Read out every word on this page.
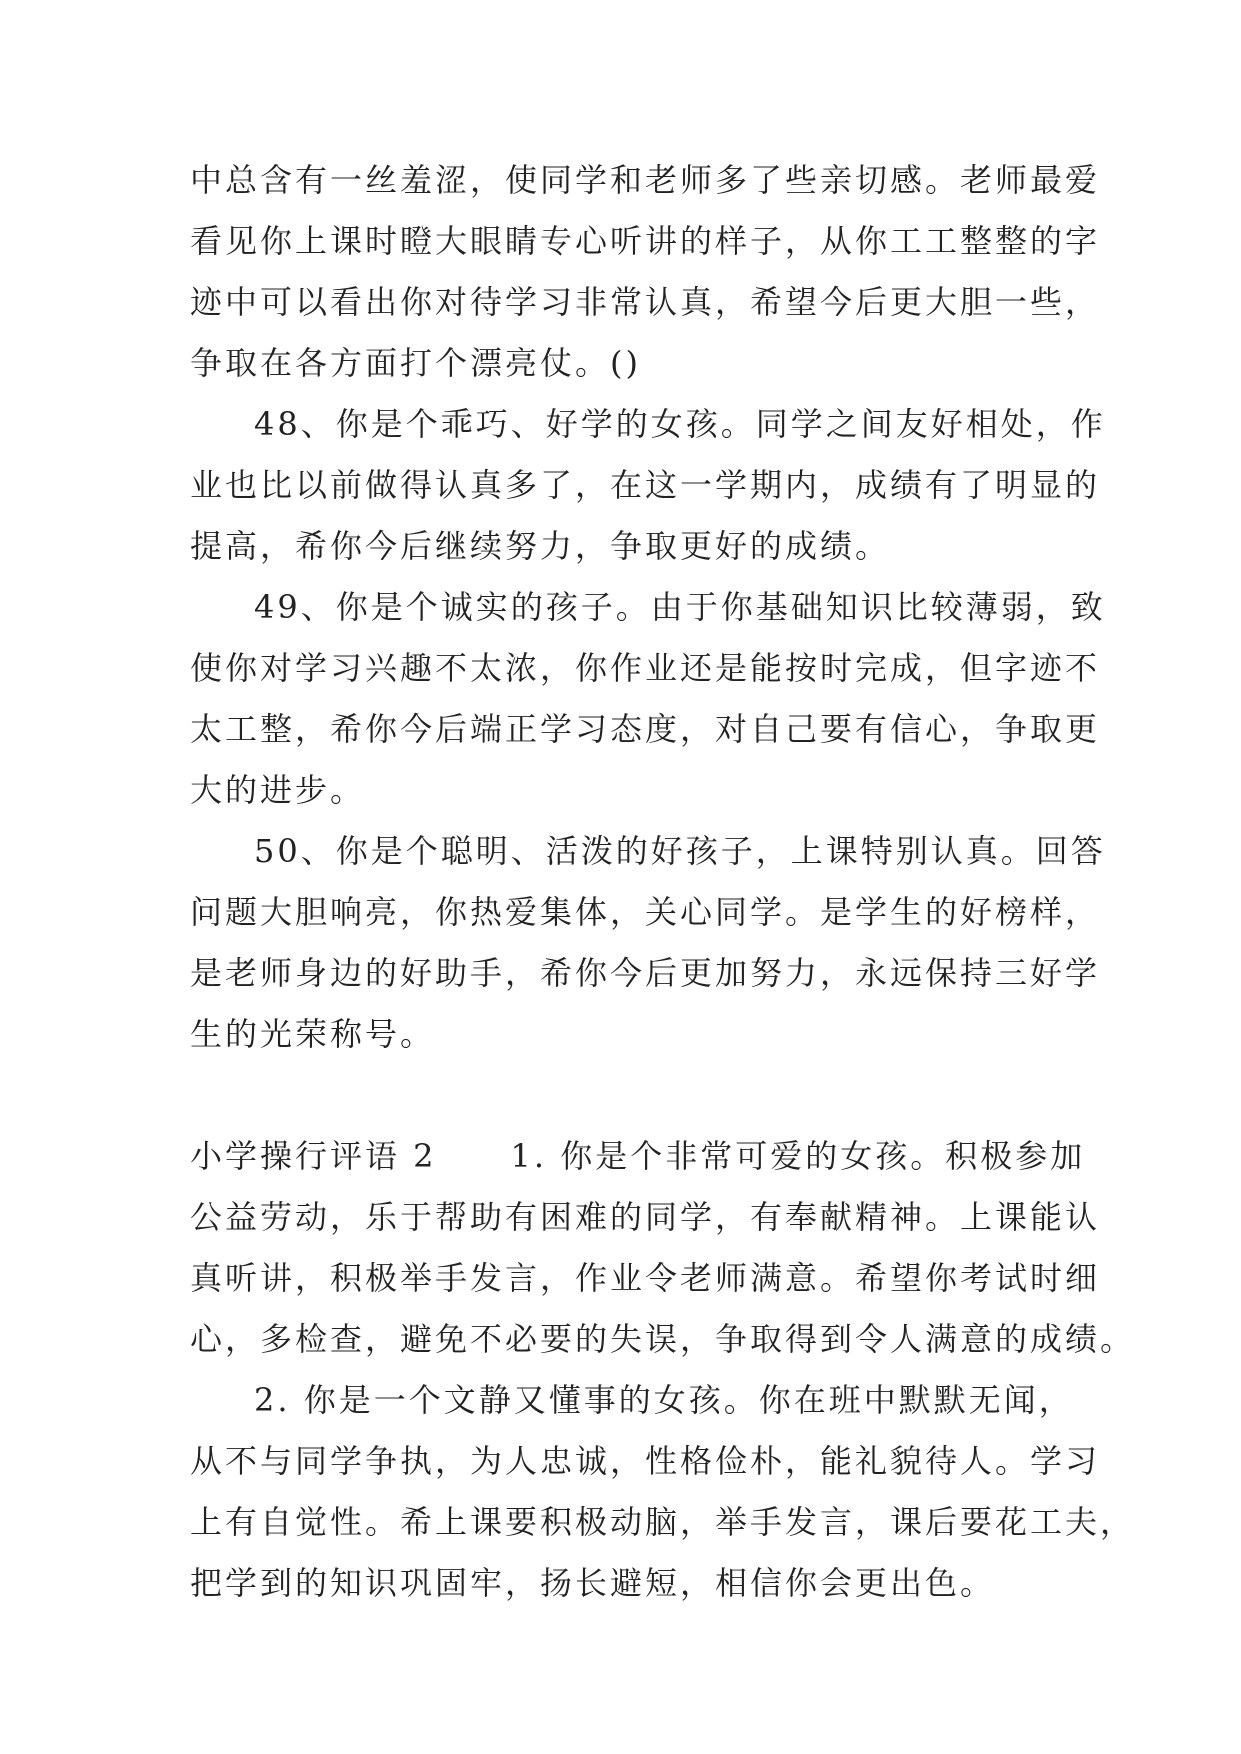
中总含有一丝羞涩，使同学和老师多了些亲切感。老师最爱
看见你上课时瞪大眼睛专心听讲的样子，从你工工整整的字
迹中可以看出你对待学习非常认真，希望今后更大胆一些，
争取在各方面打个漂亮仗。()
48、你是个乖巧、好学的女孩。同学之间友好相处，作
业也比以前做得认真多了，在这一学期内，成绩有了明显的
提高，希你今后继续努力，争取更好的成绩。
49、你是个诚实的孩子。由于你基础知识比较薄弱，致
使你对学习兴趣不太浓，你作业还是能按时完成，但字迹不
太工整，希你今后端正学习态度，对自己要有信心，争取更
大的进步。
50、你是个聪明、活泼的好孩子，上课特别认真。回答
问题大胆响亮，你热爱集体，关心同学。是学生的好榜样，
是老师身边的好助手，希你今后更加努力，永远保持三好学
生的光荣称号。
小学操行评语 2 1. 你是个非常可爱的女孩。积极参加
公益劳动，乐于帮助有困难的同学，有奉献精神。上课能认
真听讲，积极举手发言，作业令老师满意。希望你考试时细
心，多检查，避免不必要的失误，争取得到令人满意的成绩。
2. 你是一个文静又懂事的女孩。你在班中默默无闻，
从不与同学争执，为人忠诚，性格俭朴，能礼貌待人。学习
上有自觉性。希上课要积极动脑，举手发言，课后要花工夫，
把学到的知识巩固牢，扬长避短，相信你会更出色。
